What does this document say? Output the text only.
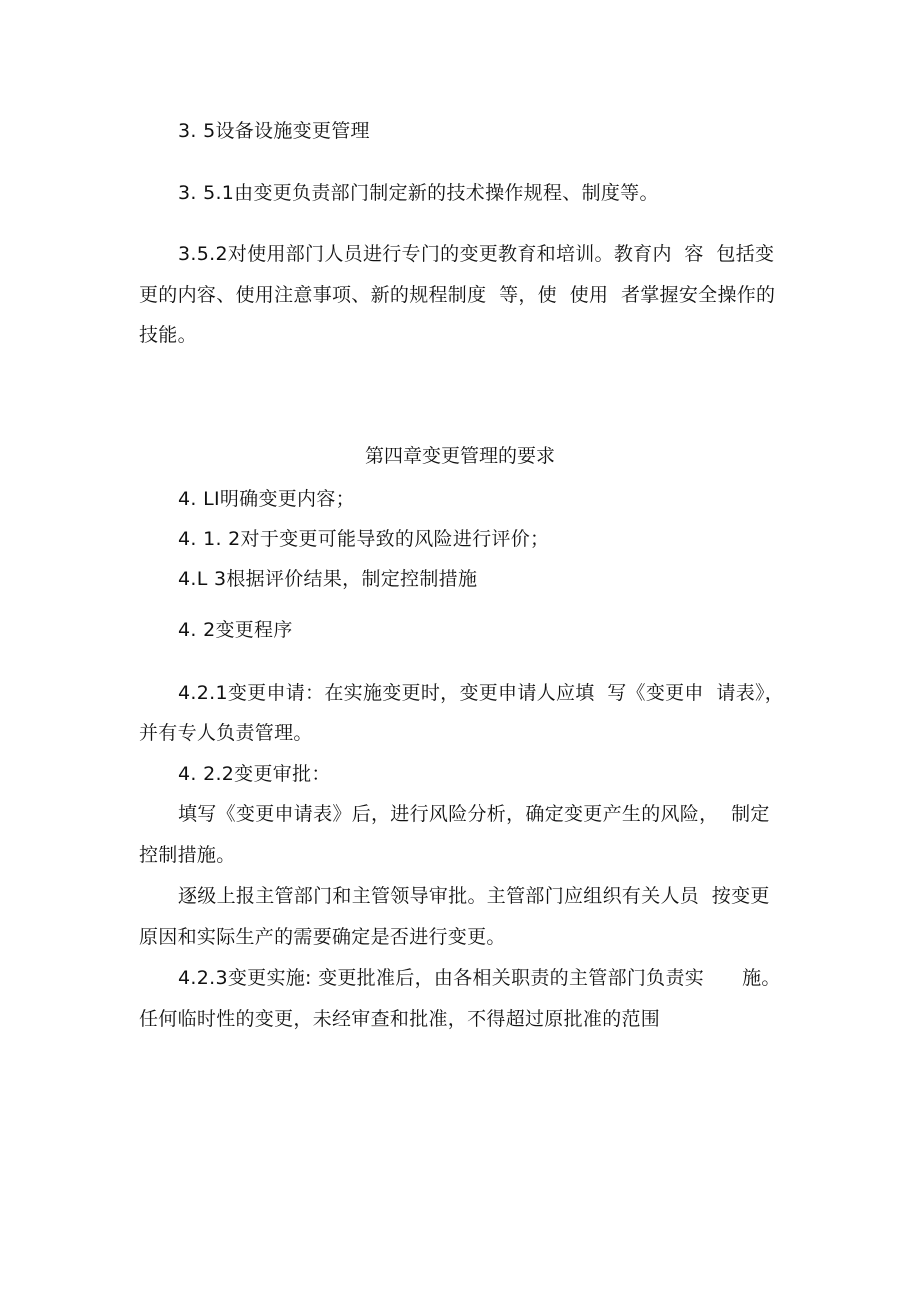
3. 5设备设施变更管理
3. 5.1由变更负责部门制定新的技术操作规程、制度等。
3.5.2对使用部门人员进行专门的变更教育和培训。教育内  容  包括变
更的内容、使用注意事项、新的规程制度  等，使  使用  者掌握安全操作的
技能。
第四章变更管理的要求
4. LI明确变更内容；
4. 1. 2对于变更可能导致的风险进行评价；
4.L 3根据评价结果，制定控制措施
4. 2变更程序
4.2.1变更申请：在实施变更时，变更申请人应填  写《变更申  请表》，
并有专人负责管理。
4. 2.2变更审批：
填写《变更申请表》后，进行风险分析，确定变更产生的风险，  制定
控制措施。
逐级上报主管部门和主管领导审批。主管部门应组织有关人员  按变更
原因和实际生产的需要确定是否进行变更。
4.2.3变更实施: 变更批准后，由各相关职责的主管部门负责实      施。
任何临时性的变更，未经审查和批准，不得超过原批准的范围
